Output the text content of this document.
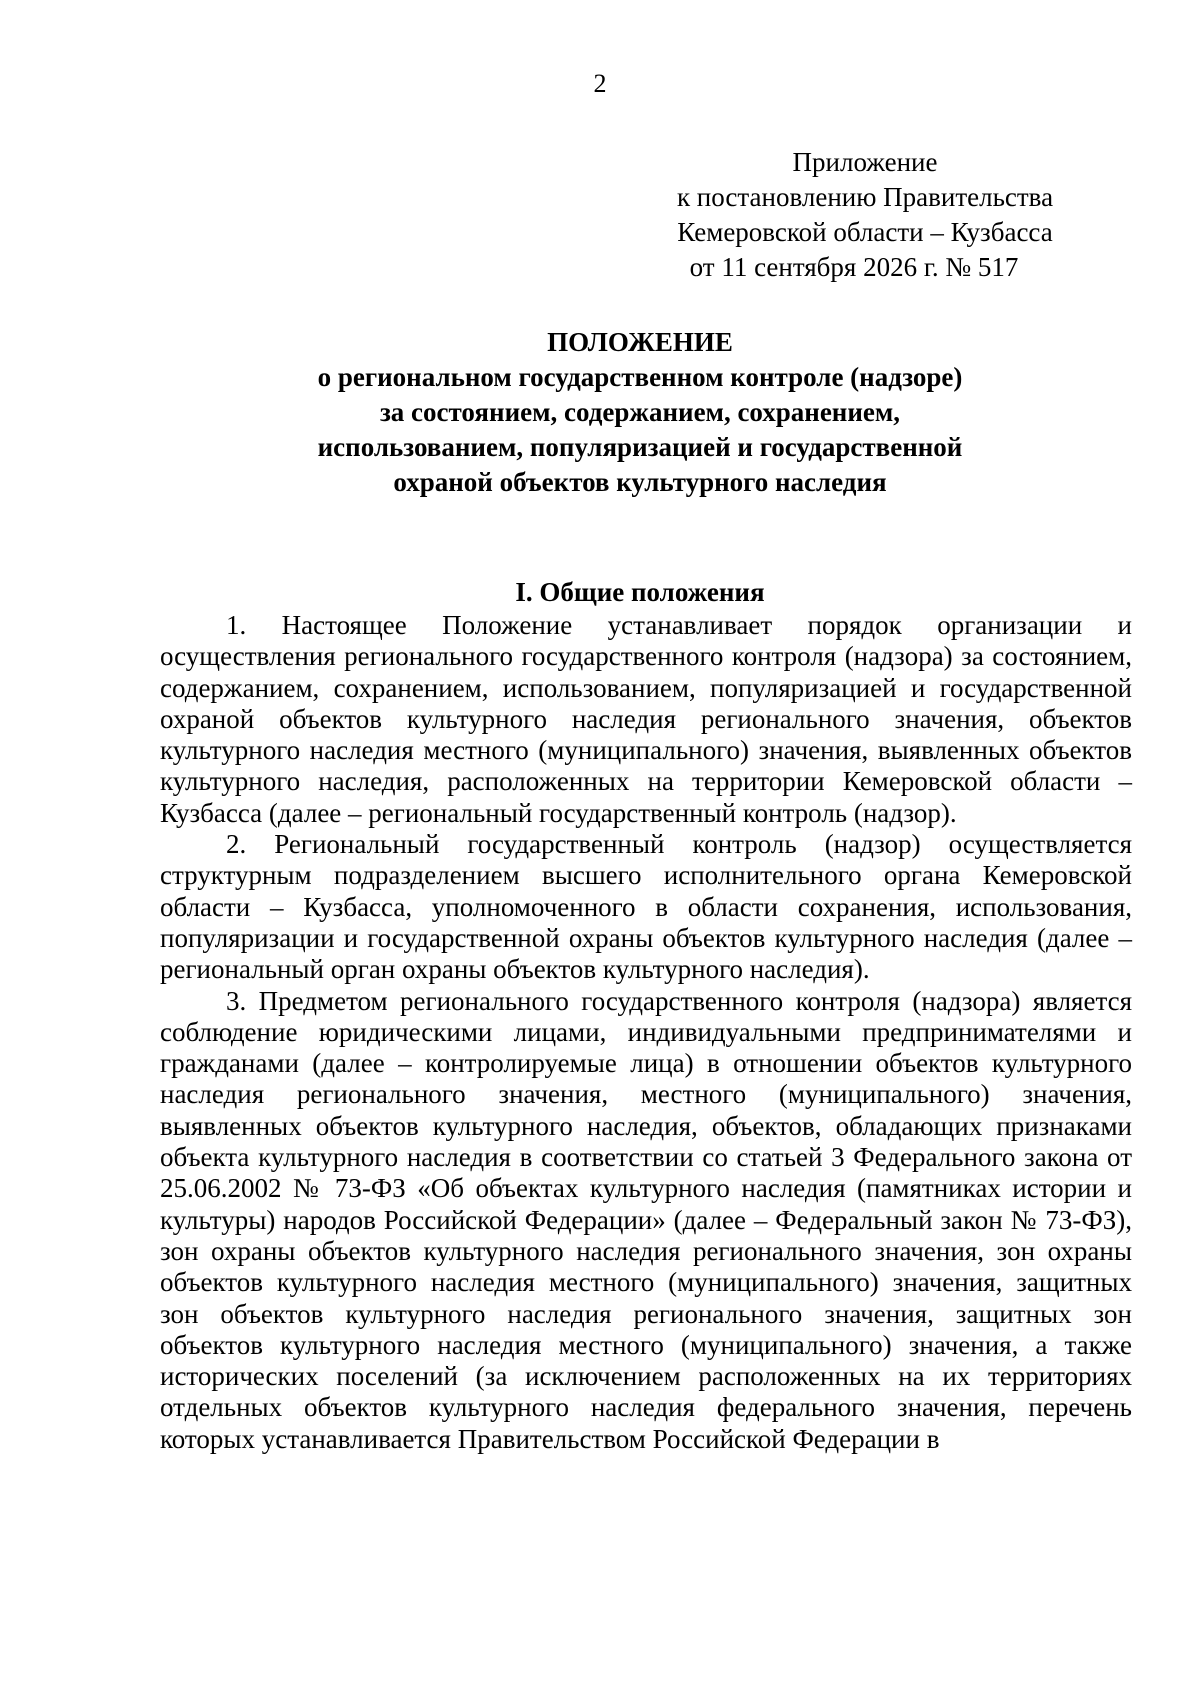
2
Приложение
к постановлению Правительства
Кемеровской области – Кузбасса
от 11 сентября 2026 г. № 517
ПОЛОЖЕНИЕ
о региональном государственном контроле (надзоре)
за состоянием, содержанием, сохранением,
использованием, популяризацией и государственной
охраной объектов культурного наследия
I. Общие положения

1. Настоящее Положение устанавливает порядок организации и осуществления регионального государственного контроля (надзора) за состоянием, содержанием, сохранением, использованием, популяризацией и государственной охраной объектов культурного наследия регионального значения, объектов культурного наследия местного (муниципального) значения, выявленных объектов культурного наследия, расположенных на территории Кемеровской области – Кузбасса (далее – региональный государственный контроль (надзор).

2. Региональный государственный контроль (надзор) осуществляется структурным подразделением высшего исполнительного органа Кемеровской области – Кузбасса, уполномоченного в области сохранения, использования, популяризации и государственной охраны объектов культурного наследия (далее – региональный орган охраны объектов культурного наследия).

3. Предметом регионального государственного контроля (надзора) является соблюдение юридическими лицами, индивидуальными предпринимателями и гражданами (далее – контролируемые лица) в отношении объектов культурного наследия регионального значения, местного (муниципального) значения, выявленных объектов культурного наследия, объектов, обладающих признаками объекта культурного наследия в соответствии со статьей 3 Федерального закона от 25.06.2002 № 73-ФЗ «Об объектах культурного наследия (памятниках истории и культуры) народов Российской Федерации» (далее – Федеральный закон № 73-ФЗ), зон охраны объектов культурного наследия регионального значения, зон охраны объектов культурного наследия местного (муниципального) значения, защитных зон объектов культурного наследия регионального значения, защитных зон объектов культурного наследия местного (муниципального) значения, а также исторических поселений (за исключением расположенных на их территориях отдельных объектов культурного наследия федерального значения, перечень которых устанавливается Правительством Российской Федерации в
